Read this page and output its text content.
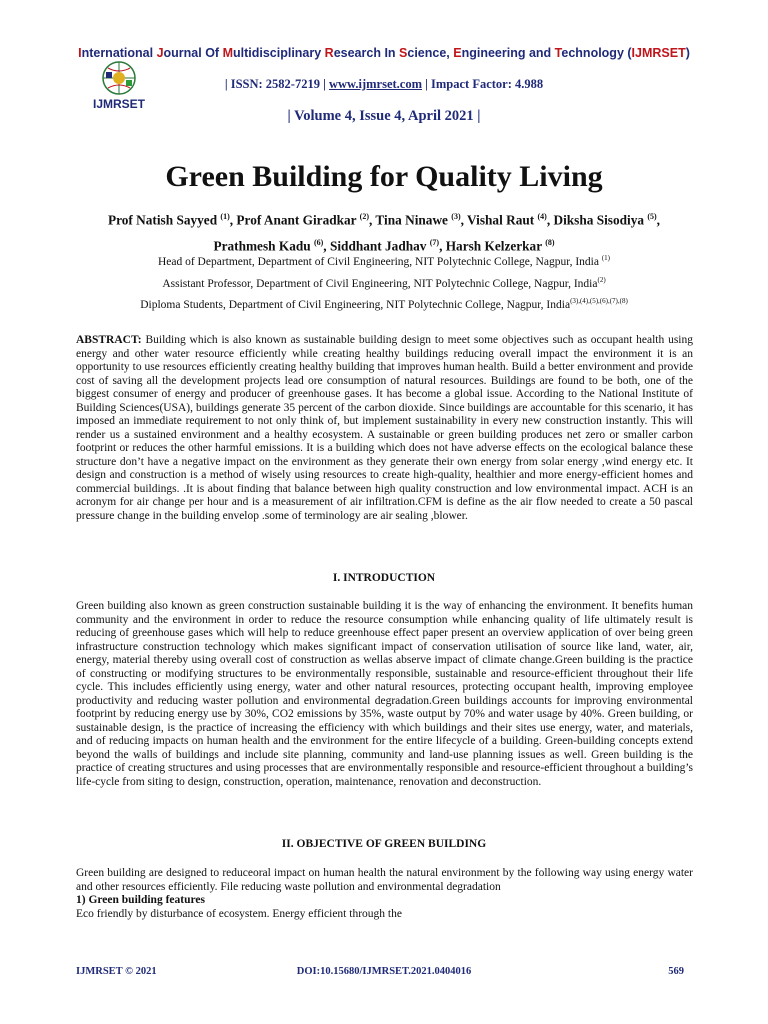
International Journal Of Multidisciplinary Research In Science, Engineering and Technology (IJMRSET)
IJMRSET
| ISSN: 2582-7219 | www.ijmrset.com | Impact Factor: 4.988
| Volume 4, Issue 4, April 2021 |
Green Building for Quality Living
Prof Natish Sayyed $^{(1)}$, Prof Anant Giradkar $^{(2)}$, Tina Ninawe $^{(3)}$, Vishal Raut $^{(4)}$, Diksha Sisodiya $^{(5)}$,
Prathmesh Kadu $^{(6)}$, Siddhant Jadhav $^{(7)}$, Harsh Kelzerkar $^{(8)}$
Head of Department, Department of Civil Engineering, NIT Polytechnic College, Nagpur, India $^{(1)}$
Assistant Professor, Department of Civil Engineering, NIT Polytechnic College, Nagpur, India$^{(2)}$
Diploma Students, Department of Civil Engineering, NIT Polytechnic College, Nagpur, India$^{(3),(4),(5),(6),(7),(8)}$

ABSTRACT: Building which is also known as sustainable building design to meet some objectives such as occupant health using energy and other water resource efficiently while creating healthy buildings reducing overall impact the environment it is an opportunity to use resources efficiently creating healthy building that improves human health. Build a better environment and provide cost of saving all the development projects lead ore consumption of natural resources. Buildings are found to be both, one of the biggest consumer of energy and producer of greenhouse gases. It has become a global issue. According to the National Institute of Building Sciences(USA), buildings generate 35 percent of the carbon dioxide. Since buildings are accountable for this scenario, it has imposed an immediate requirement to not only think of, but implement sustainability in every new construction instantly. This will render us a sustained environment and a healthy ecosystem. A sustainable or green building produces net zero or smaller carbon footprint or reduces the other harmful emissions. It is a building which does not have adverse effects on the ecological balance these structure don’t have a negative impact on the environment as they generate their own energy from solar energy ,wind energy etc. It design and construction is a method of wisely using resources to create high-quality, healthier and more energy-efficient homes and commercial buildings. .It is about finding that balance between high quality construction and low environmental impact. ACH is an acronym for air change per hour and is a measurement of air infiltration.CFM is define as the air flow needed to create a 50 pascal pressure change in the building envelop .some of terminology are air sealing ,blower.

I. INTRODUCTION

Green building also known as green construction sustainable building it is the way of enhancing the environment. It benefits human community and the environment in order to reduce the resource consumption while enhancing quality of life ultimately result is reducing of greenhouse gases which will help to reduce greenhouse effect paper present an overview application of over being green infrastructure construction technology which makes significant impact of conservation utilisation of source like land, water, air, energy, material thereby using overall cost of construction as wellas abserve impact of climate change.Green building is the practice of constructing or modifying structures to be environmentally responsible, sustainable and resource-efficient throughout their life cycle. This includes efficiently using energy, water and other natural resources, protecting occupant health, improving employee productivity and reducing waster pollution and environmental degradation.Green buildings accounts for improving environmental footprint by reducing energy use by 30%, CO2 emissions by 35%, waste output by 70% and water usage by 40%. Green building, or sustainable design, is the practice of increasing the efficiency with which buildings and their sites use energy, water, and materials, and of reducing impacts on human health and the environment for the entire lifecycle of a building. Green-building concepts extend beyond the walls of buildings and include site planning, community and land-use planning issues as well. Green building is the practice of creating structures and using processes that are environmentally responsible and resource-efficient throughout a building’s life-cycle from siting to design, construction, operation, maintenance, renovation and deconstruction.

II. OBJECTIVE OF GREEN BUILDING

Green building are designed to reduceoral impact on human health the natural environment by the following way using energy water and other resources efficiently. File reducing waste pollution and environmental degradation

1) Green building features

Eco friendly by disturbance of ecosystem. Energy efficient through the

IJMRSET © 2021	DOI:10.15680/IJMRSET.2021.0404016	569
